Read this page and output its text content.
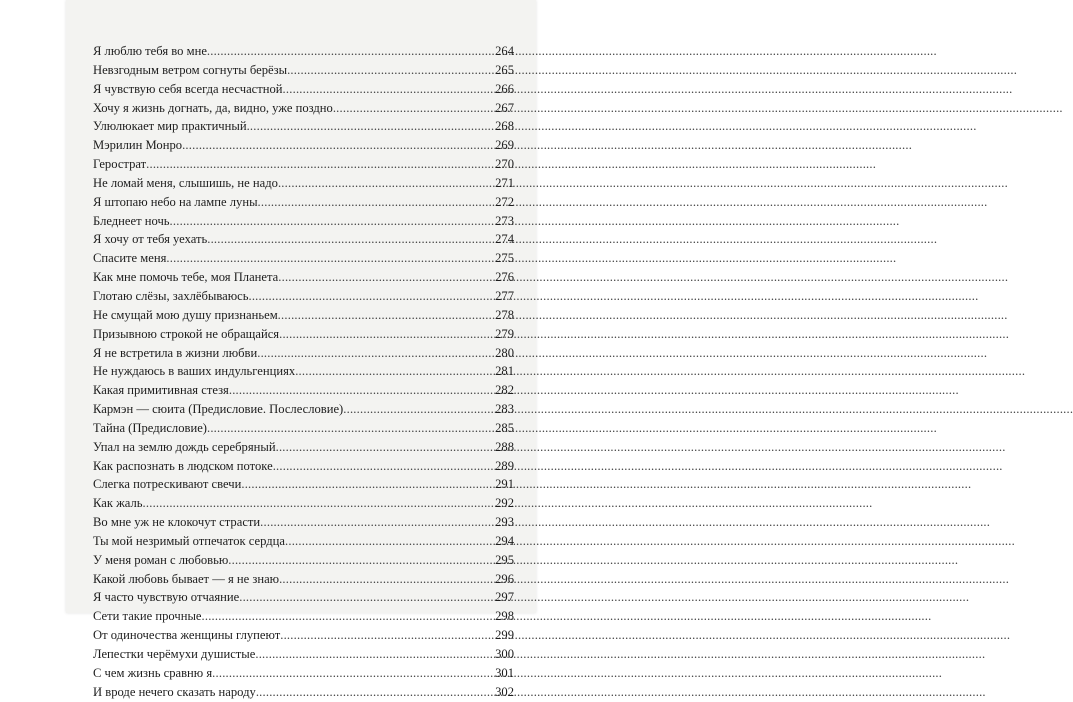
Я люблю тебя во мне .....	264
Невзгодным ветром согнуты берёзы .....	265
Я чувствую себя всегда несчастной .....	266
Хочу я жизнь догнать, да, видно, уже поздно .....	267
Улюлюкает мир практичный .....	268
Мэрилин Монро .....	269
Герострат .....	270
Не ломай меня, слышишь, не надо .....	271
Я штопаю небо на лампе луны .....	272
Бледнеет ночь .....	273
Я хочу от тебя уехать .....	274
Спасите меня .....	275
Как мне помочь тебе, моя Планета .....	276
Глотаю слёзы, захлёбываюсь .....	277
Не смущай мою душу признаньем .....	278
Призывною строкой не обращайся .....	279
Я не встретила в жизни любви .....	280
Не нуждаюсь в ваших индульгенциях .....	281
Какая примитивная стезя .....	282
Кармэн — сюита (Предисловие. Послесловие) .....	283
Тайна (Предисловие) .....	285
Упал на землю дождь серебряный .....	288
Как распознать в людском потоке .....	289
Слегка потрескивают свечи .....	291
Как жаль .....	292
Во мне уж не клокочут страсти .....	293
Ты мой незримый отпечаток сердца .....	294
У меня роман с любовью .....	295
Какой любовь бывает — я не знаю .....	296
Я часто чувствую отчаяние .....	297
Сети такие прочные .....	298
От одиночества женщины глупеют .....	299
Лепестки черёмухи душистые .....	300
С чем жизнь сравню я .....	301
И вроде нечего сказать народу .....	302
